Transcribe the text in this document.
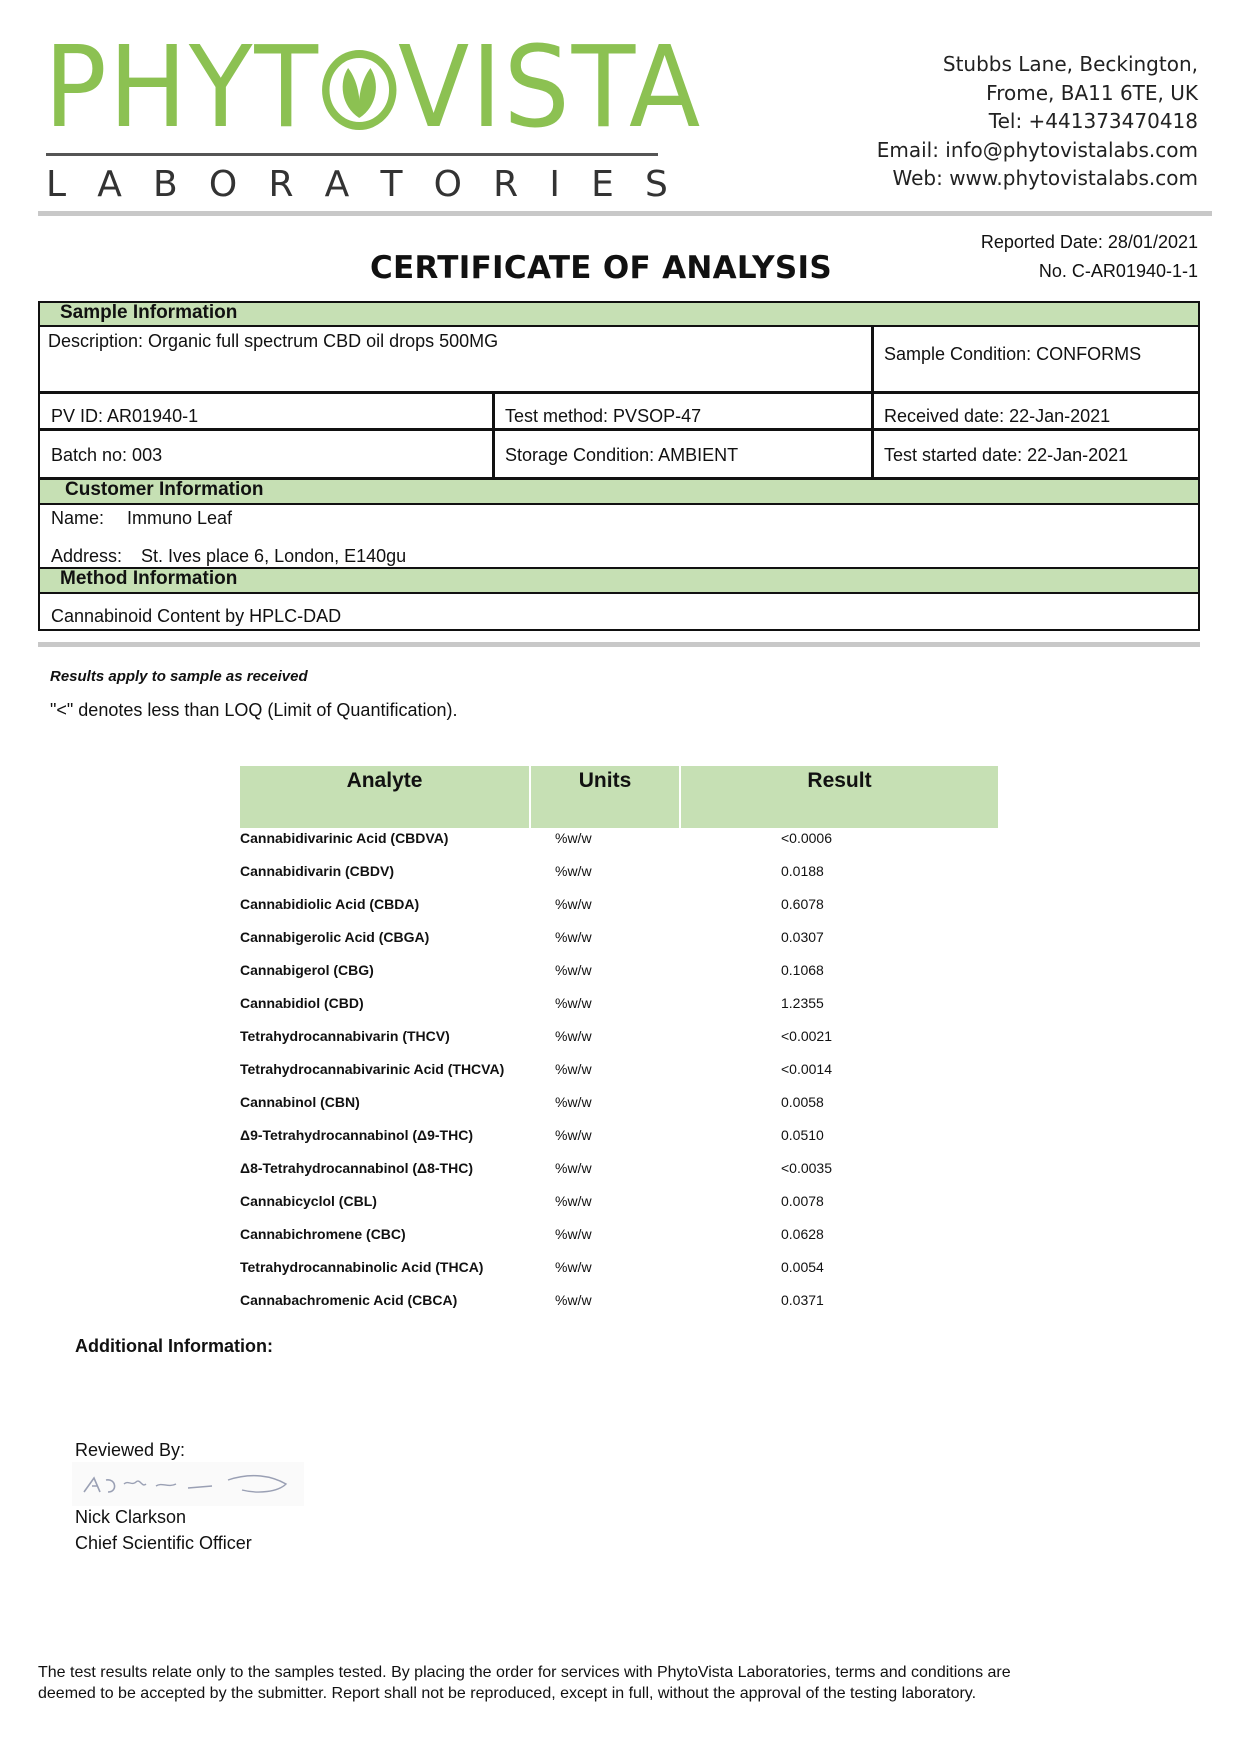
PHYT VISTA
L A B O R A T O R I E S
Stubbs Lane, Beckington,
Frome, BA11 6TE, UK
Tel: +441373470418
Email: info@phytovistalabs.com
Web: www.phytovistalabs.com
Reported Date: 28/01/2021
No. C-AR01940-1-1
CERTIFICATE OF ANALYSIS
Sample Information
Description: Organic full spectrum CBD oil drops 500MG
Sample Condition: CONFORMS
PV ID: AR01940-1	Test method: PVSOP-47	Received date: 22-Jan-2021
Batch no: 003	Storage Condition: AMBIENT	Test started date: 22-Jan-2021
Customer Information
Name: Immuno Leaf
Address: St. Ives place 6, London, E140gu
Method Information
Cannabinoid Content by HPLC-DAD
Results apply to sample as received
"<" denotes less than LOQ (Limit of Quantification).
Analyte	Units	Result
Cannabidivarinic Acid (CBDVA)	%w/w	<0.0006
Cannabidivarin (CBDV)	%w/w	0.0188
Cannabidiolic Acid (CBDA)	%w/w	0.6078
Cannabigerolic Acid (CBGA)	%w/w	0.0307
Cannabigerol (CBG)	%w/w	0.1068
Cannabidiol (CBD)	%w/w	1.2355
Tetrahydrocannabivarin (THCV)	%w/w	<0.0021
Tetrahydrocannabivarinic Acid (THCVA)	%w/w	<0.0014
Cannabinol (CBN)	%w/w	0.0058
Δ9-Tetrahydrocannabinol (Δ9-THC)	%w/w	0.0510
Δ8-Tetrahydrocannabinol (Δ8-THC)	%w/w	<0.0035
Cannabicyclol (CBL)	%w/w	0.0078
Cannabichromene (CBC)	%w/w	0.0628
Tetrahydrocannabinolic Acid (THCA)	%w/w	0.0054
Cannabachromenic Acid (CBCA)	%w/w	0.0371
Additional Information:
Reviewed By:
Nick Clarkson
Chief Scientific Officer
The test results relate only to the samples tested. By placing the order for services with PhytoVista Laboratories, terms and conditions are
deemed to be accepted by the submitter. Report shall not be reproduced, except in full, without the approval of the testing laboratory.
